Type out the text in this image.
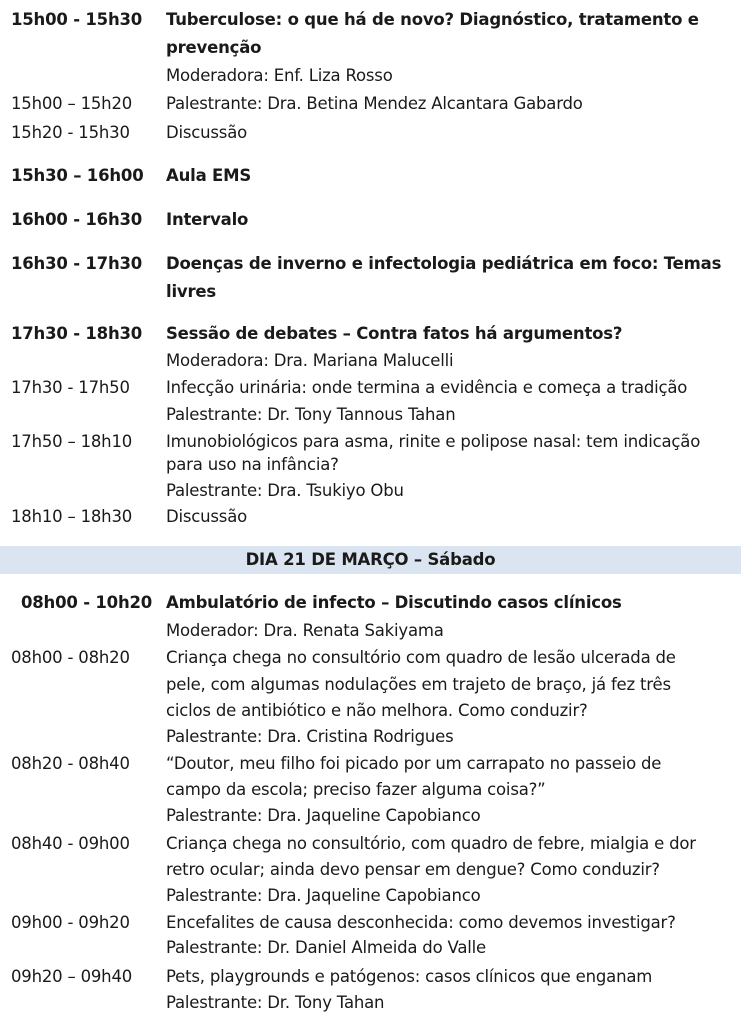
15h00 - 15h30 Tuberculose: o que há de novo? Diagnóstico, tratamento e

prevenção

Moderadora: Enf. Liza Rosso

15h00 – 15h20 Palestrante: Dra. Betina Mendez Alcantara Gabardo

15h20 - 15h30 Discussão

15h30 – 16h00 Aula EMS

16h00 - 16h30 Intervalo

16h30 - 17h30 Doenças de inverno e infectologia pediátrica em foco: Temas

livres

17h30 - 18h30 Sessão de debates – Contra fatos há argumentos?

Moderadora: Dra. Mariana Malucelli

17h30 - 17h50 Infecção urinária: onde termina a evidência e começa a tradição

Palestrante: Dr. Tony Tannous Tahan

17h50 – 18h10 Imunobiológicos para asma, rinite e polipose nasal: tem indicação

para uso na infância?

Palestrante: Dra. Tsukiyo Obu

18h10 – 18h30 Discussão

DIA 21 DE MARÇO – Sábado

08h00 - 10h20 Ambulatório de infecto – Discutindo casos clínicos

Moderador: Dra. Renata Sakiyama

08h00 - 08h20 Criança chega no consultório com quadro de lesão ulcerada de

pele, com algumas nodulações em trajeto de braço, já fez três

ciclos de antibiótico e não melhora. Como conduzir?

Palestrante: Dra. Cristina Rodrigues

08h20 - 08h40 “Doutor, meu filho foi picado por um carrapato no passeio de

campo da escola; preciso fazer alguma coisa?”

Palestrante: Dra. Jaqueline Capobianco

08h40 - 09h00 Criança chega no consultório, com quadro de febre, mialgia e dor

retro ocular; ainda devo pensar em dengue? Como conduzir?

Palestrante: Dra. Jaqueline Capobianco

09h00 - 09h20 Encefalites de causa desconhecida: como devemos investigar?

Palestrante: Dr. Daniel Almeida do Valle

09h20 – 09h40 Pets, playgrounds e patógenos: casos clínicos que enganam

Palestrante: Dr. Tony Tahan
